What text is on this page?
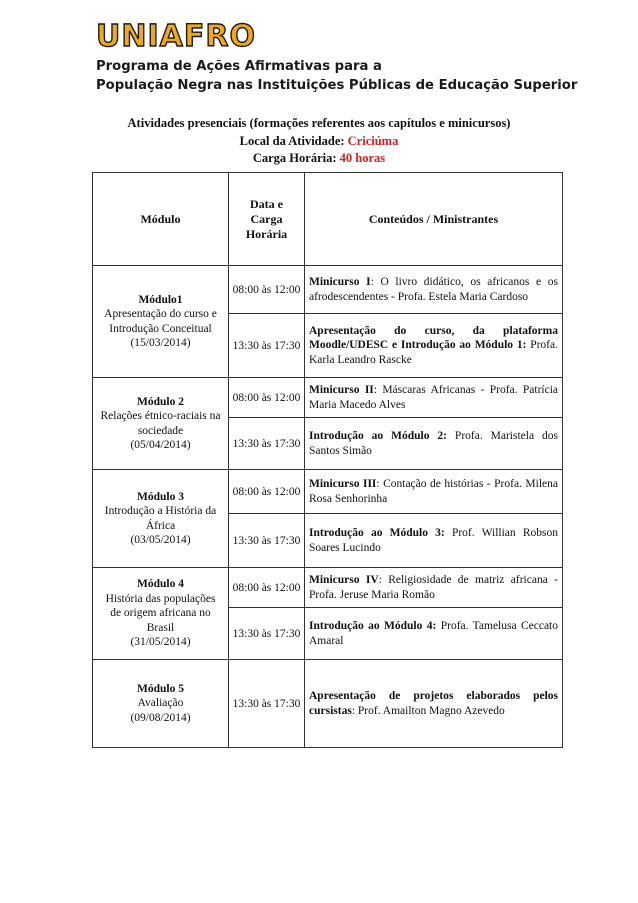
UNIAFRO
Programa de Ações Afirmativas para a
População Negra nas Instituições Públicas de Educação Superior
Atividades presenciais (formações referentes aos capítulos e minicursos)
Local da Atividade: Criciúma
Carga Horária: 40 horas
Módulo	Data e
Carga
Horária	Conteúdos / Ministrantes

Módulo1
Apresentação do curso e
Introdução Conceitual
(15/03/2014)	08:00 às 12:00	Minicurso I: O livro didático, os africanos e os afrodescendentes - Profa. Estela Maria Cardoso
	13:30 às 17:30	Apresentação do curso, da plataforma Moodle/UDESC e Introdução ao Módulo 1: Profa. Karla Leandro Rascke

Módulo 2
Relações étnico-raciais na
sociedade
(05/04/2014)	08:00 às 12:00	Minicurso II: Máscaras Africanas - Profa. Patrícia Maria Macedo Alves
	13:30 às 17:30	Introdução ao Módulo 2: Profa. Maristela dos Santos Simão

Módulo 3
Introdução a História da
África
(03/05/2014)	08:00 às 12:00	Minicurso III: Contação de histórias - Profa. Milena Rosa Senhorinha
	13:30 às 17:30	Introdução ao Módulo 3: Prof. Willian Robson Soares Lucindo

Módulo 4
História das populações
de origem africana no
Brasil
(31/05/2014)	08:00 às 12:00	Minicurso IV: Religiosidade de matriz africana - Profa. Jeruse Maria Romão
	13:30 às 17:30	Introdução ao Módulo 4: Profa. Tamelusa Ceccato Amaral

Módulo 5
Avaliação
(09/08/2014)	13:30 às 17:30	Apresentação de projetos elaborados pelos cursistas: Prof. Amailton Magno Azevedo
